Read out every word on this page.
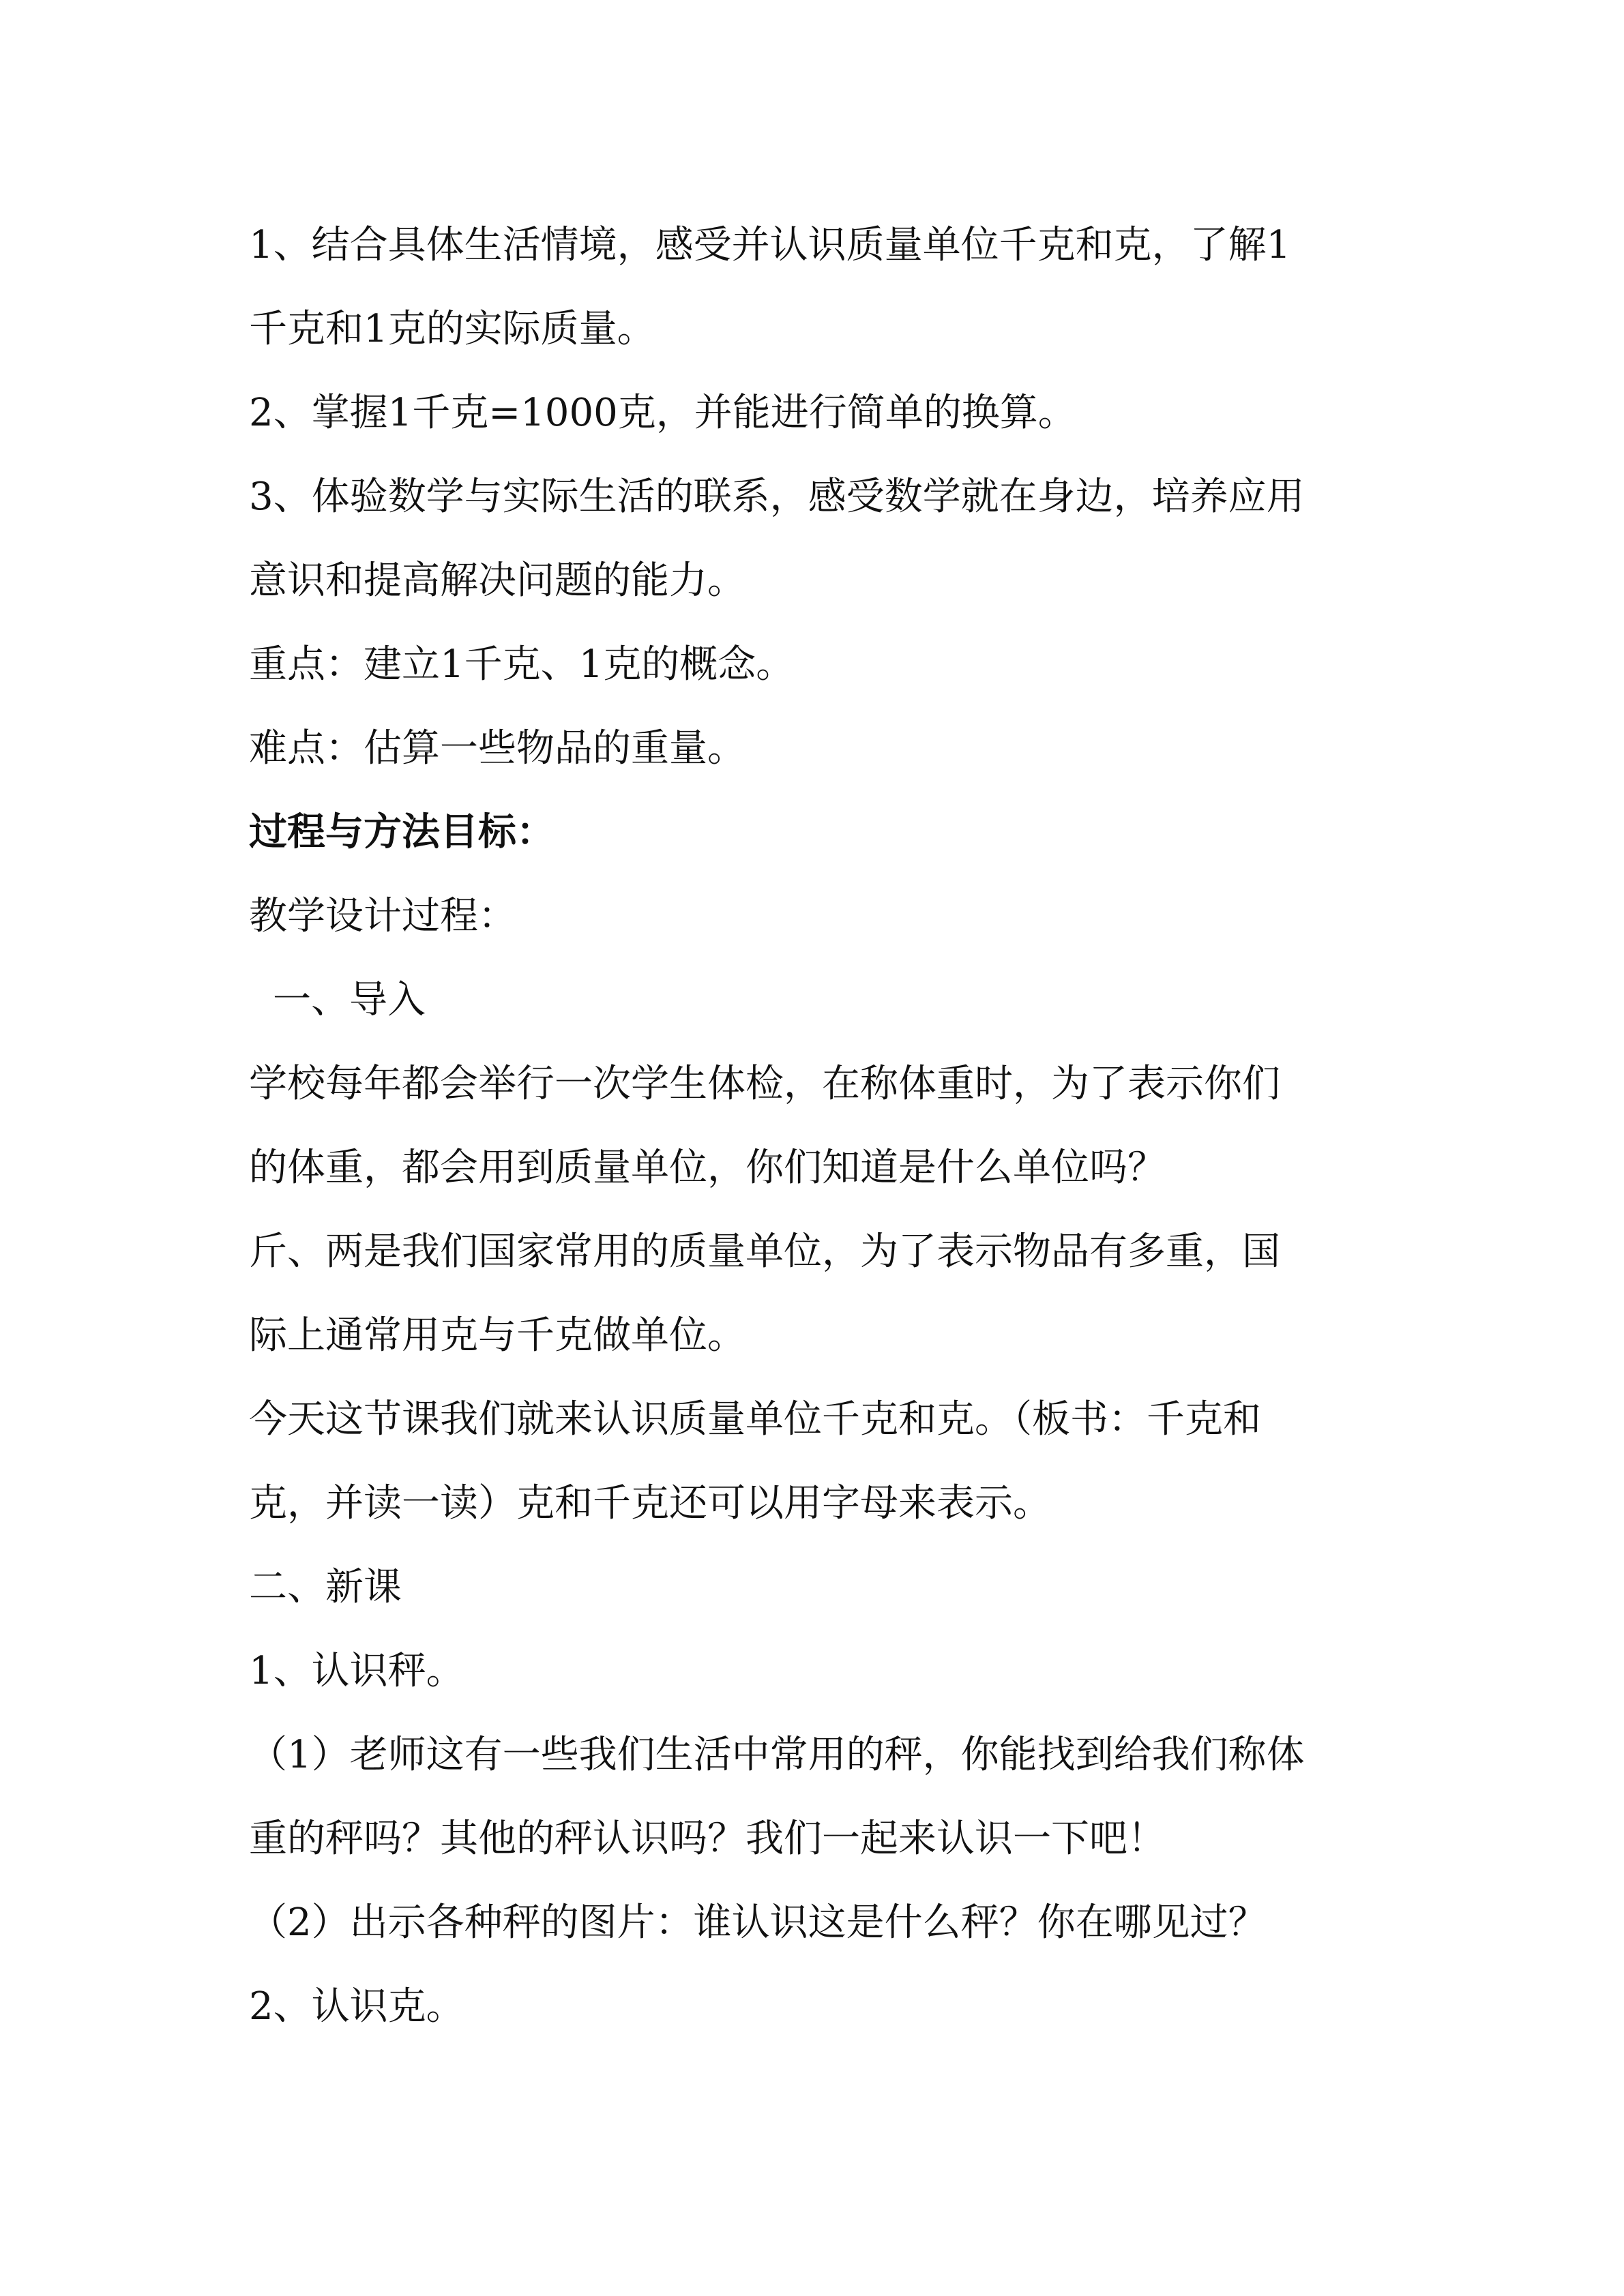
1、结合具体生活情境，感受并认识质量单位千克和克，了解1
千克和1克的实际质量。
2、掌握1千克=1000克，并能进行简单的换算。
3、体验数学与实际生活的联系，感受数学就在身边，培养应用
意识和提高解决问题的能力。
重点：建立1千克、1克的概念。
难点：估算一些物品的重量。
过程与方法目标：
教学设计过程：
一、导入
学校每年都会举行一次学生体检，在称体重时，为了表示你们
的体重，都会用到质量单位，你们知道是什么单位吗？
斤、两是我们国家常用的质量单位，为了表示物品有多重，国
际上通常用克与千克做单位。
今天这节课我们就来认识质量单位千克和克。（板书：千克和
克，并读一读）克和千克还可以用字母来表示。
二、新课
1、认识秤。
（1）老师这有一些我们生活中常用的秤，你能找到给我们称体
重的秤吗？其他的秤认识吗？我们一起来认识一下吧！
（2）出示各种秤的图片：谁认识这是什么秤？你在哪见过？
2、认识克。
